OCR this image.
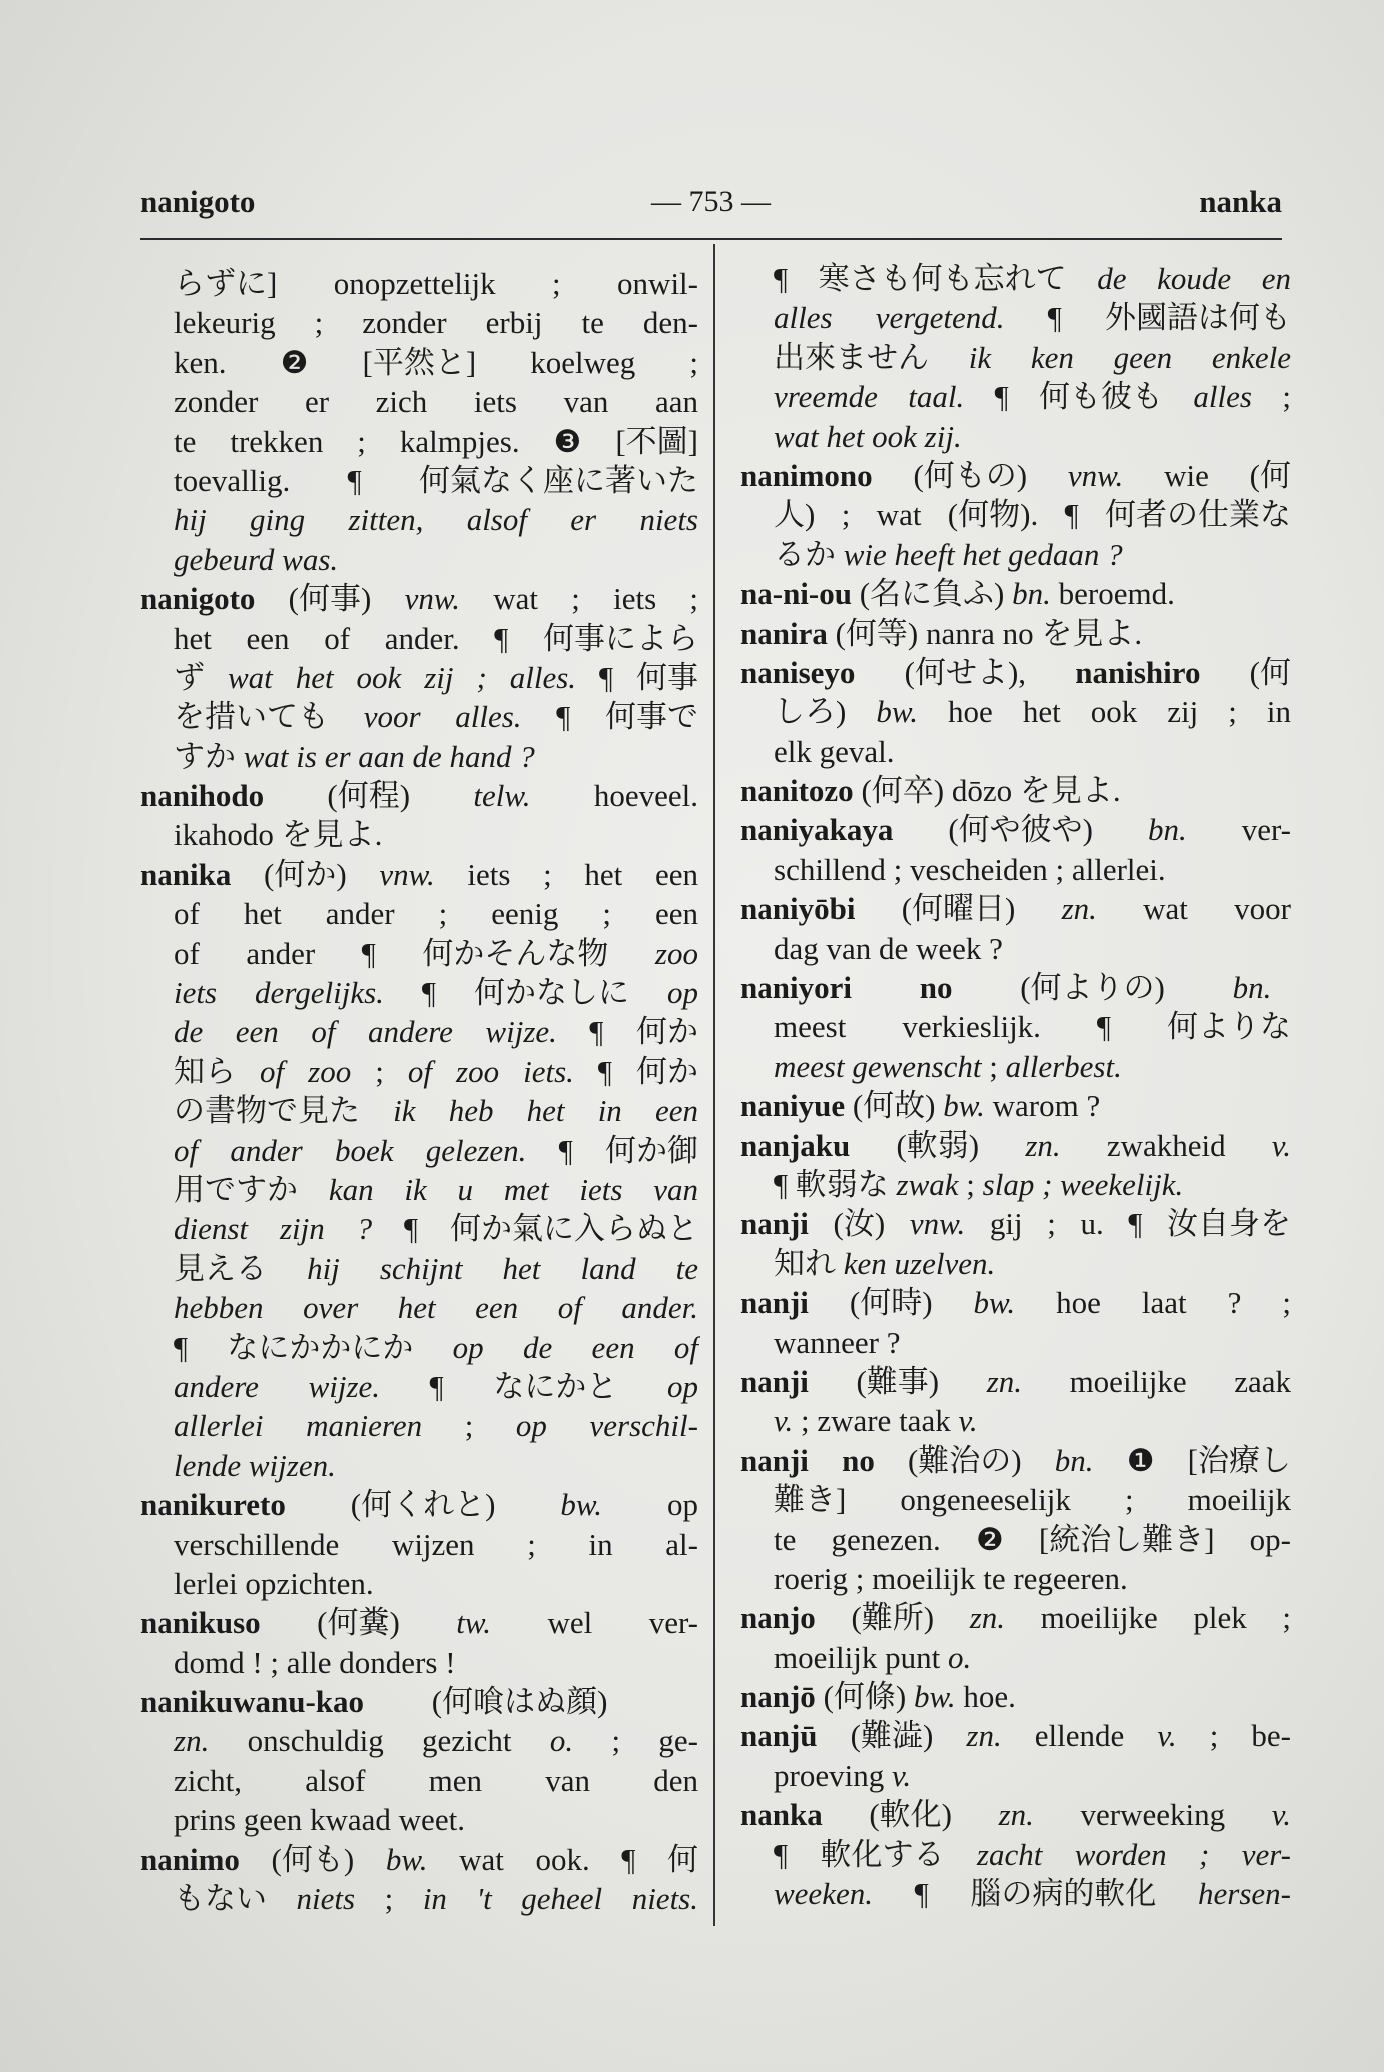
nanigoto	— 753 —	nanka
らずに] onopzettelijk ; onwil-
lekeurig ; zonder erbij te den-
ken. ❷ [平然と] koelweg ;
zonder er zich iets van aan
te trekken ; kalmpjes. ❸ [不圖]
toevallig. ¶ 何氣なく座に著いた
hij ging zitten, alsof er niets
gebeurd was.
nanigoto (何事) vnw. wat ; iets ;
het een of ander. ¶ 何事によら
ず wat het ook zij ; alles. ¶ 何事
を措いても voor alles. ¶ 何事で
すか wat is er aan de hand ?
nanihodo (何程) telw. hoeveel.
ikahodo を見よ.
nanika (何か) vnw. iets ; het een
of het ander ; eenig ; een
of ander ¶ 何かそんな物 zoo
iets dergelijks. ¶ 何かなしに op
de een of andere wijze. ¶ 何か
知ら of zoo ; of zoo iets. ¶ 何か
の書物で見た ik heb het in een
of ander boek gelezen. ¶ 何か御
用ですか kan ik u met iets van
dienst zijn ? ¶ 何か氣に入らぬと
見える hij schijnt het land te
hebben over het een of ander.
¶ なにかかにか op de een of
andere wijze. ¶ なにかと op
allerlei manieren ; op verschil-
lende wijzen.
nanikureto (何くれと) bw. op
verschillende wijzen ; in al-
lerlei opzichten.
nanikuso (何糞) tw. wel ver-
domd ! ; alle donders !
nanikuwanu-kao (何喰はぬ顔)
zn. onschuldig gezicht o. ; ge-
zicht, alsof men van den
prins geen kwaad weet.
nanimo (何も) bw. wat ook. ¶ 何
もない niets ; in 't geheel niets.
¶ 寒さも何も忘れて de koude en
alles vergetend. ¶ 外國語は何も
出來ません ik ken geen enkele
vreemde taal. ¶ 何も彼も alles ;
wat het ook zij.
nanimono (何もの) vnw. wie (何
人) ; wat (何物). ¶ 何者の仕業な
るか wie heeft het gedaan ?
na-ni-ou (名に負ふ) bn. beroemd.
nanira (何等) nanra no を見よ.
naniseyo (何せよ), nanishiro (何
しろ) bw. hoe het ook zij ; in
elk geval.
nanitozo (何卒) dōzo を見よ.
naniyakaya (何や彼や) bn. ver-
schillend ; vescheiden ; allerlei.
naniyōbi (何曜日) zn. wat voor
dag van de week ?
naniyori no (何よりの) bn.
meest verkieslijk. ¶ 何よりな
meest gewenscht ; allerbest.
naniyue (何故) bw. warom ?
nanjaku (軟弱) zn. zwakheid v.
¶ 軟弱な zwak ; slap ; weekelijk.
nanji (汝) vnw. gij ; u. ¶ 汝自身を
知れ ken uzelven.
nanji (何時) bw. hoe laat ? ;
wanneer ?
nanji (難事) zn. moeilijke zaak
v. ; zware taak v.
nanji no (難治の) bn. ❶ [治療し
難き] ongeneeselijk ; moeilijk
te genezen. ❷ [統治し難き] op-
roerig ; moeilijk te regeeren.
nanjo (難所) zn. moeilijke plek ;
moeilijk punt o.
nanjō (何條) bw. hoe.
nanjū (難澁) zn. ellende v. ; be-
proeving v.
nanka (軟化) zn. verweeking v.
¶ 軟化する zacht worden ; ver-
weeken. ¶ 腦の病的軟化 hersen-
